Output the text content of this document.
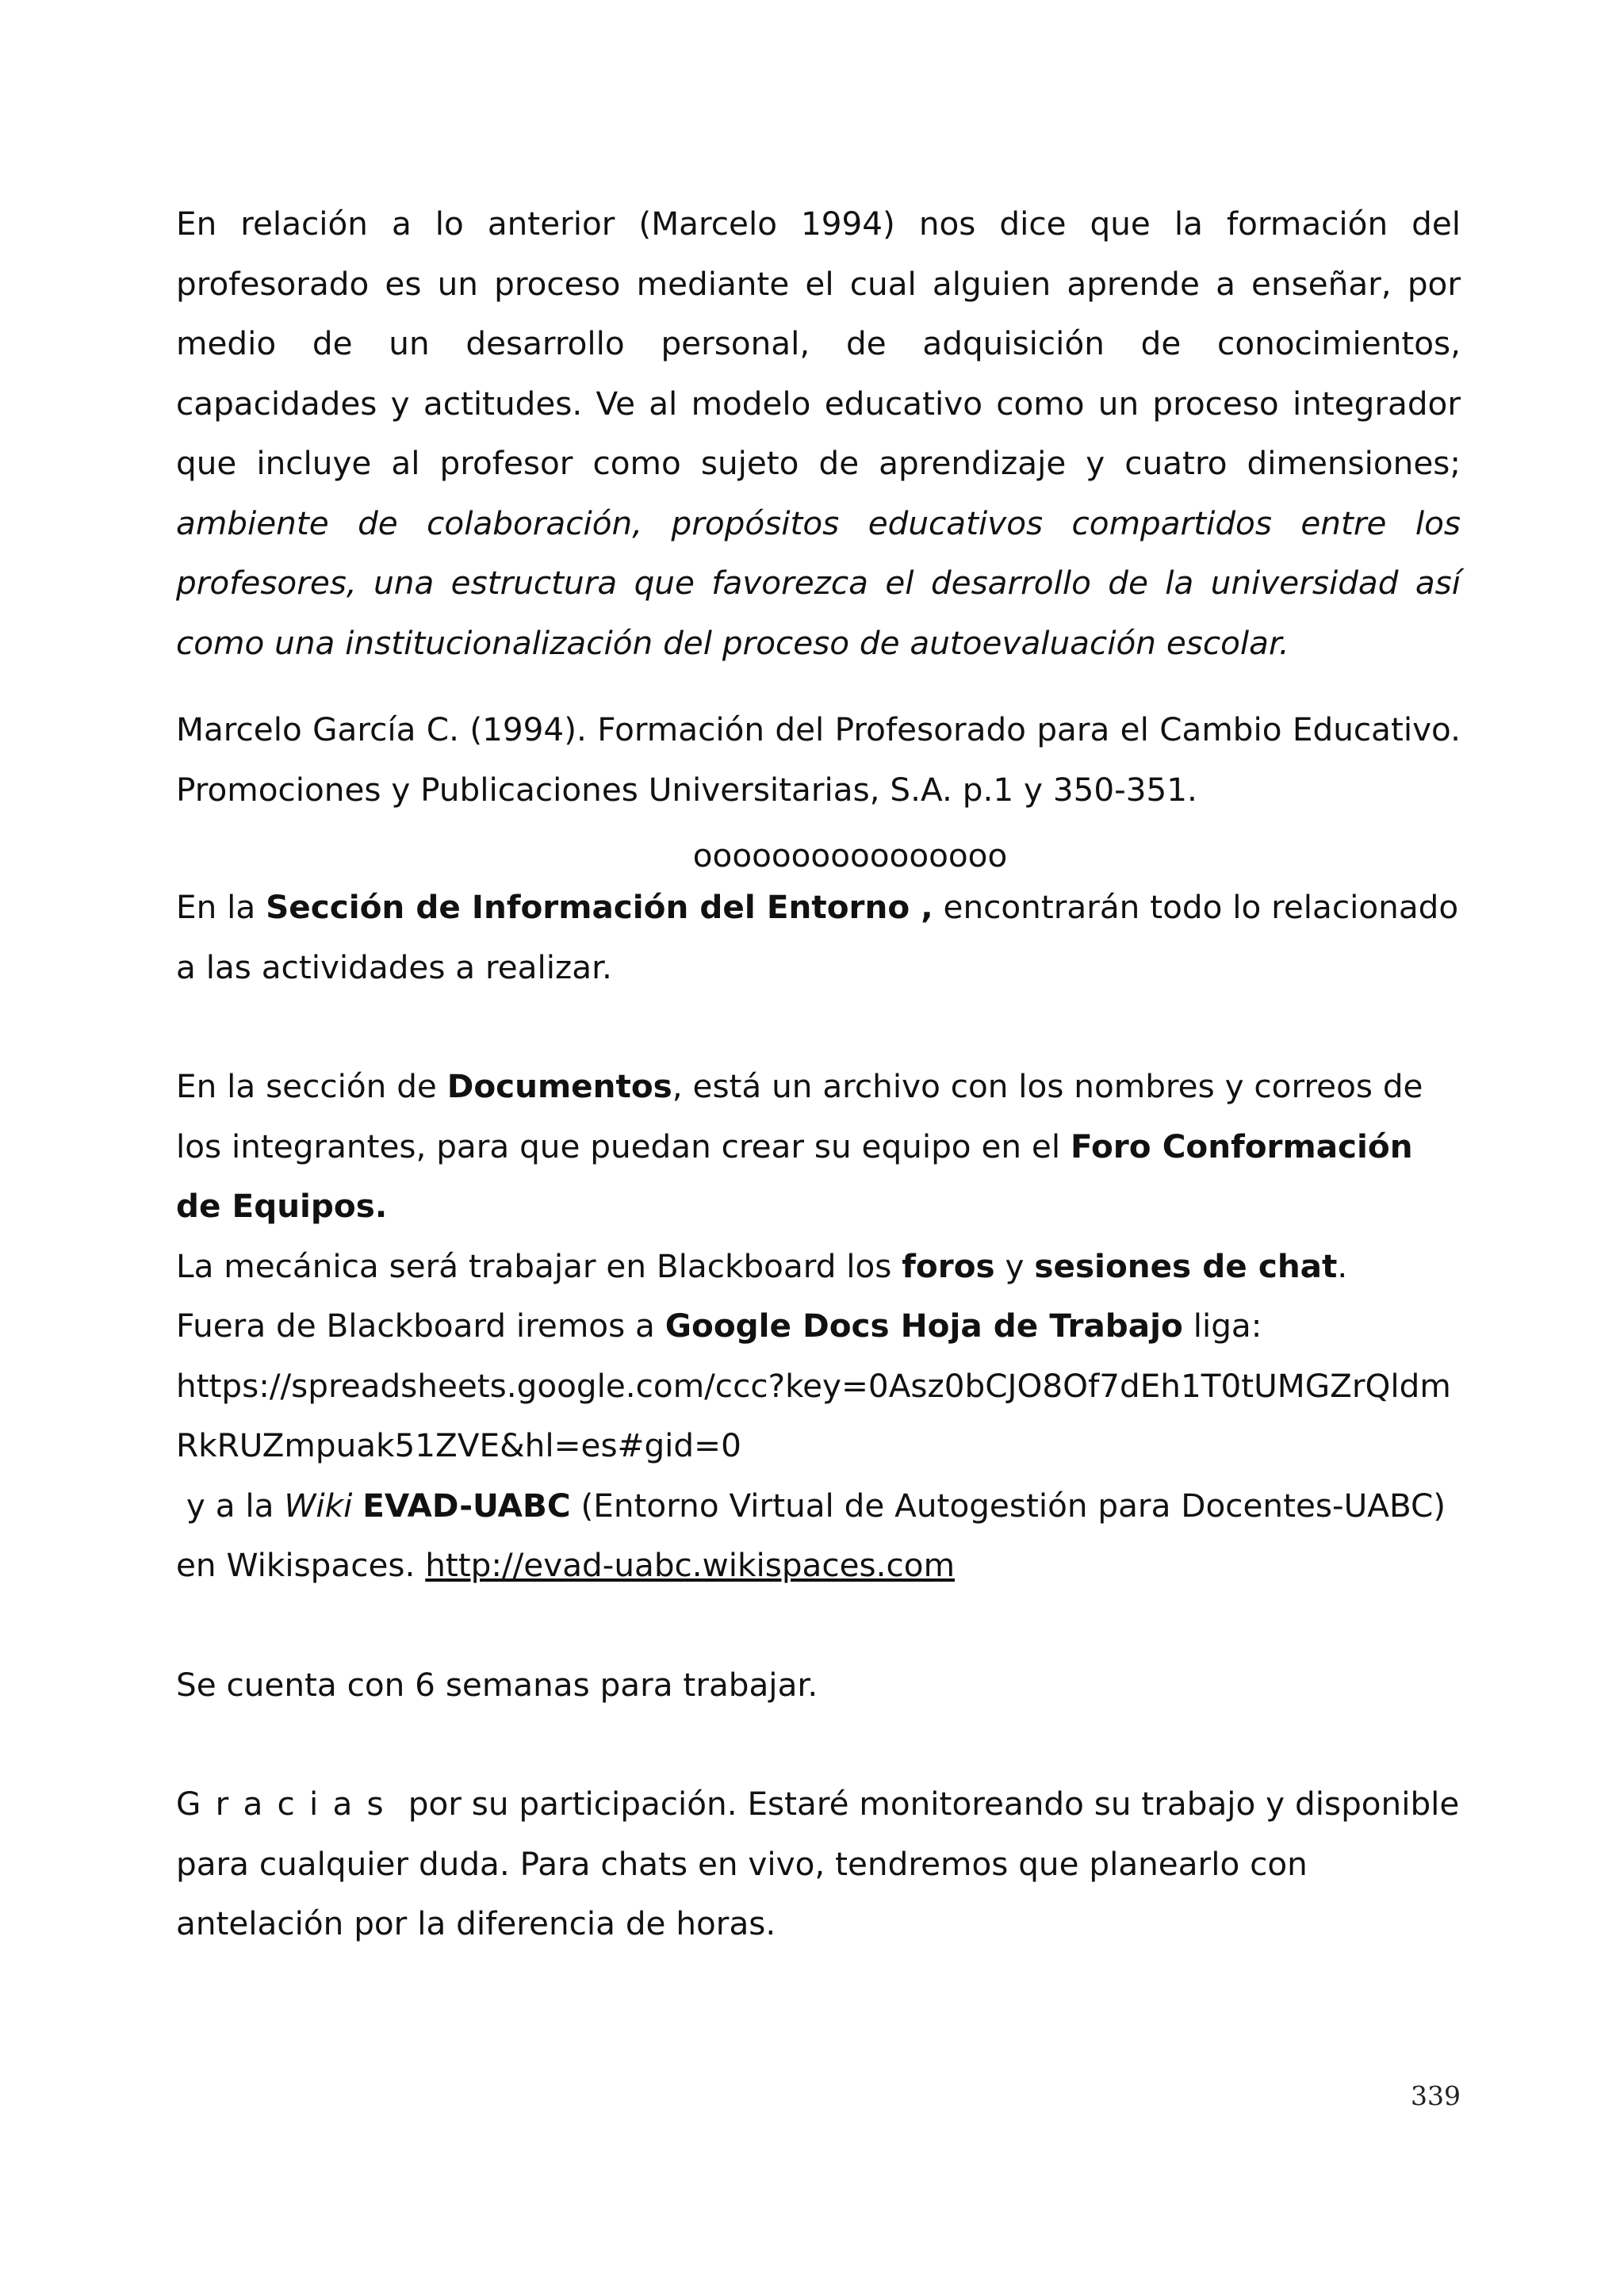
En relación a lo anterior (Marcelo 1994) nos dice que la formación del profesorado es un proceso mediante el cual alguien aprende a enseñar, por medio de un desarrollo personal, de adquisición de conocimientos, capacidades y actitudes. Ve al modelo educativo como un proceso integrador que incluye al profesor como sujeto de aprendizaje y cuatro dimensiones; ambiente de colaboración, propósitos educativos compartidos entre los profesores, una estructura que favorezca el desarrollo de la universidad así como una institucionalización del proceso de autoevaluación escolar.

Marcelo García C. (1994). Formación del Profesorado para el Cambio Educativo. Promociones y Publicaciones Universitarias, S.A. p.1 y 350-351.

oooooooooooooooo

En la Sección de Información del Entorno , encontrarán todo lo relacionado a las actividades a realizar.

En la sección de Documentos, está un archivo con los nombres y correos de los integrantes, para que puedan crear su equipo en el Foro Conformación de Equipos.

La mecánica será trabajar en Blackboard los foros y sesiones de chat.

Fuera de Blackboard iremos a Google Docs Hoja de Trabajo liga:

https://spreadsheets.google.com/ccc?key=0Asz0bCJO8Of7dEh1T0tUMGZrQldmRkRUZmpuak51ZVE&hl=es#gid=0

y a la Wiki EVAD-UABC (Entorno Virtual de Autogestión para Docentes-UABC) en Wikispaces. http://evad-uabc.wikispaces.com

Se cuenta con 6 semanas para trabajar.

Gracias por su participación. Estaré monitoreando su trabajo y disponible para cualquier duda. Para chats en vivo, tendremos que planearlo con antelación por la diferencia de horas.

339
